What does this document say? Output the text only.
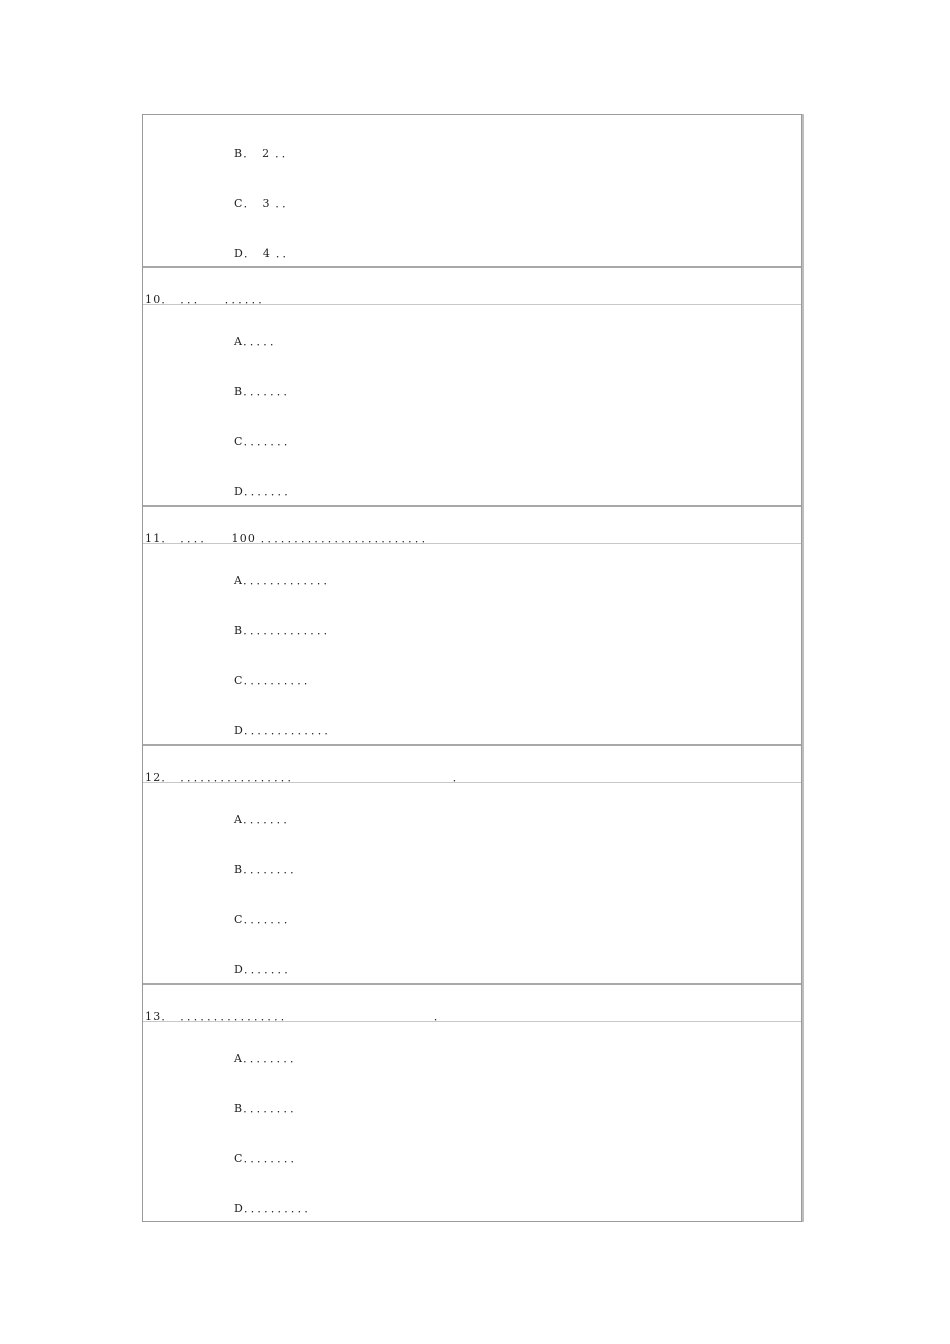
B．　2 ．．
C．　3 ．．
D．　4 ．．
10．　．．．　　．．．．．．
A．．．．．
B．．．．．．．
C．．．．．．．
D．．．．．．．
11．　．．．．　　100 ．．．．．．．．．．．．．．．．．．．．．．．．．
A．．．．．．．．．．．．．
B．．．．．．．．．．．．．
C．．．．．．．．．．
D．．．．．．．．．．．．．
12．　．．．．．．．．．．．．．．．．．　　　　　　　　　　　　　．
A．．．．．．．
B．．．．．．．．
C．．．．．．．
D．．．．．．．
13．　．．．．．．．．．．．．．．．．　　　　　　　　　　　　．
A．．．．．．．．
B．．．．．．．．
C．．．．．．．．
D．．．．．．．．．．
